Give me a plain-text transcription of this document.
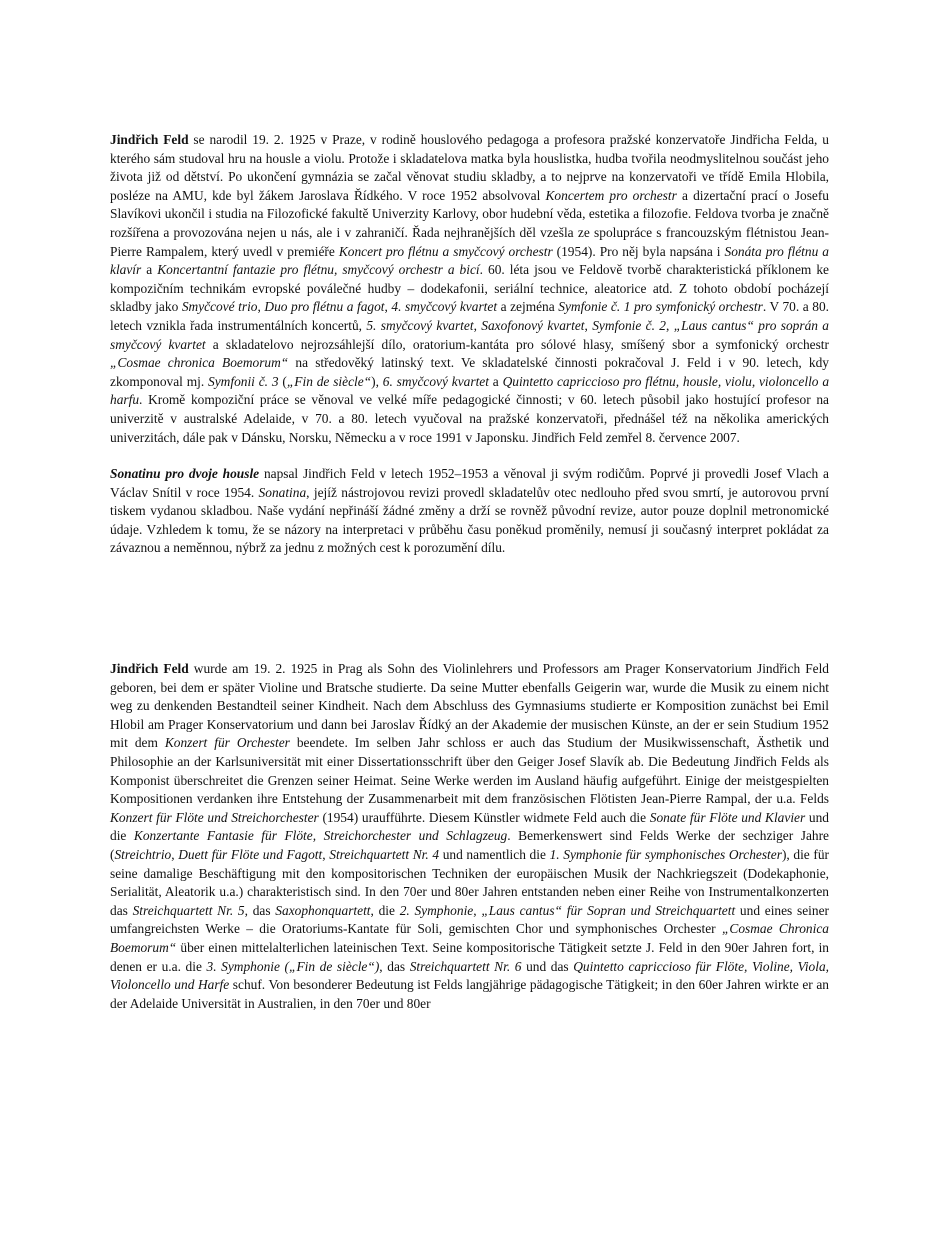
Jindřich Feld se narodil 19. 2. 1925 v Praze, v rodině houslového pedagoga a profesora pražské konzervatoře Jindřicha Felda, u kterého sám studoval hru na housle a violu. Protože i skladatelova matka byla houslistka, hudba tvořila neodmyslitelnou součást jeho života již od dětství. Po ukončení gymnázia se začal věnovat studiu skladby, a to nejprve na konzervatoři ve třídě Emila Hlobila, posléze na AMU, kde byl žákem Jaroslava Řídkého. V roce 1952 absolvoval Koncertem pro orchestr a dizertační prací o Josefu Slavíkovi ukončil i studia na Filozofické fakultě Univerzity Karlovy, obor hudební věda, estetika a filozofie. Feldova tvorba je značně rozšířena a provozována nejen u nás, ale i v zahraničí. Řada nejhranějších děl vzešla ze spolupráce s francouzským flétnistou Jean-Pierre Rampalem, který uvedl v premiéře Koncert pro flétnu a smyčcový orchestr (1954). Pro něj byla napsána i Sonáta pro flétnu a klavír a Koncertantní fantazie pro flétnu, smyčcový orchestr a bicí. 60. léta jsou ve Feldově tvorbě charakteristická příklonem ke kompozičním technikám evropské poválečné hudby – dodekafonii, seriální technice, aleatorice atd. Z tohoto období pocházejí skladby jako Smyčcové trio, Duo pro flétnu a fagot, 4. smyčcový kvartet a zejména Symfonie č. 1 pro symfonický orchestr. V 70. a 80. letech vznikla řada instrumentálních koncertů, 5. smyčcový kvartet, Saxofonový kvartet, Symfonie č. 2, „Laus cantus“ pro soprán a smyčcový kvartet a skladatelovo nejrozsáhlejší dílo, oratorium-kantáta pro sólové hlasy, smíšený sbor a symfonický orchestr „Cosmae chronica Boemorum“ na středověký latinský text. Ve skladatelské činnosti pokračoval J. Feld i v 90. letech, kdy zkomponoval mj. Symfonii č. 3 („Fin de siècle“), 6. smyčcový kvartet a Quintetto capriccioso pro flétnu, housle, violu, violoncello a harfu. Kromě kompoziční práce se věnoval ve velké míře pedagogické činnosti; v 60. letech působil jako hostující profesor na univerzitě v australské Adelaide, v 70. a 80. letech vyučoval na pražské konzervatoři, přednášel též na několika amerických univerzitách, dále pak v Dánsku, Norsku, Německu a v roce 1991 v Japonsku. Jindřich Feld zemřel 8. července 2007.

Sonatinu pro dvoje housle napsal Jindřich Feld v letech 1952–1953 a věnoval ji svým rodičům. Poprvé ji provedli Josef Vlach a Václav Snítil v roce 1954. Sonatina, jejíž nástrojovou revizi provedl skladatelův otec nedlouho před svou smrtí, je autorovou první tiskem vydanou skladbou. Naše vydání nepřináší žádné změny a drží se rovněž původní revize, autor pouze doplnil metronomické údaje. Vzhledem k tomu, že se názory na interpretaci v průběhu času poněkud proměnily, nemusí ji současný interpret pokládat za závaznou a neměnnou, nýbrž za jednu z možných cest k porozumění dílu.

Jindřich Feld wurde am 19. 2. 1925 in Prag als Sohn des Violinlehrers und Professors am Prager Konservatorium Jindřich Feld geboren, bei dem er später Violine und Bratsche studierte. Da seine Mutter ebenfalls Geigerin war, wurde die Musik zu einem nicht weg zu denkenden Bestandteil seiner Kindheit. Nach dem Abschluss des Gymnasiums studierte er Komposition zunächst bei Emil Hlobil am Prager Konservatorium und dann bei Jaroslav Řídký an der Akademie der musischen Künste, an der er sein Studium 1952 mit dem Konzert für Orchester beendete. Im selben Jahr schloss er auch das Studium der Musikwissenschaft, Ästhetik und Philosophie an der Karlsuniversität mit einer Dissertationsschrift über den Geiger Josef Slavík ab. Die Bedeutung Jindřich Felds als Komponist überschreitet die Grenzen seiner Heimat. Seine Werke werden im Ausland häufig aufgeführt. Einige der meistgespielten Kompositionen verdanken ihre Entstehung der Zusammenarbeit mit dem französischen Flötisten Jean-Pierre Rampal, der u.a. Felds Konzert für Flöte und Streichorchester (1954) uraufführte. Diesem Künstler widmete Feld auch die Sonate für Flöte und Klavier und die Konzertante Fantasie für Flöte, Streichorchester und Schlagzeug. Bemerkenswert sind Felds Werke der sechziger Jahre (Streichtrio, Duett für Flöte und Fagott, Streichquartett Nr. 4 und namentlich die 1. Symphonie für symphonisches Orchester), die für seine damalige Beschäftigung mit den kompositorischen Techniken der europäischen Musik der Nachkriegszeit (Dodekaphonie, Serialität, Aleatorik u.a.) charakteristisch sind. In den 70er und 80er Jahren entstanden neben einer Reihe von Instrumentalkonzerten das Streichquartett Nr. 5, das Saxophonquartett, die 2. Symphonie, „Laus cantus“ für Sopran und Streichquartett und eines seiner umfangreichsten Werke – die Oratoriums-Kantate für Soli, gemischten Chor und symphonisches Orchester „Cosmae Chronica Boemorum“ über einen mittelalterlichen lateinischen Text. Seine kompositorische Tätigkeit setzte J. Feld in den 90er Jahren fort, in denen er u.a. die 3. Symphonie („Fin de siècle“), das Streichquartett Nr. 6 und das Quintetto capriccioso für Flöte, Violine, Viola, Violoncello und Harfe schuf. Von besonderer Bedeutung ist Felds langjährige pädagogische Tätigkeit; in den 60er Jahren wirkte er an der Adelaide Universität in Australien, in den 70er und 80er
